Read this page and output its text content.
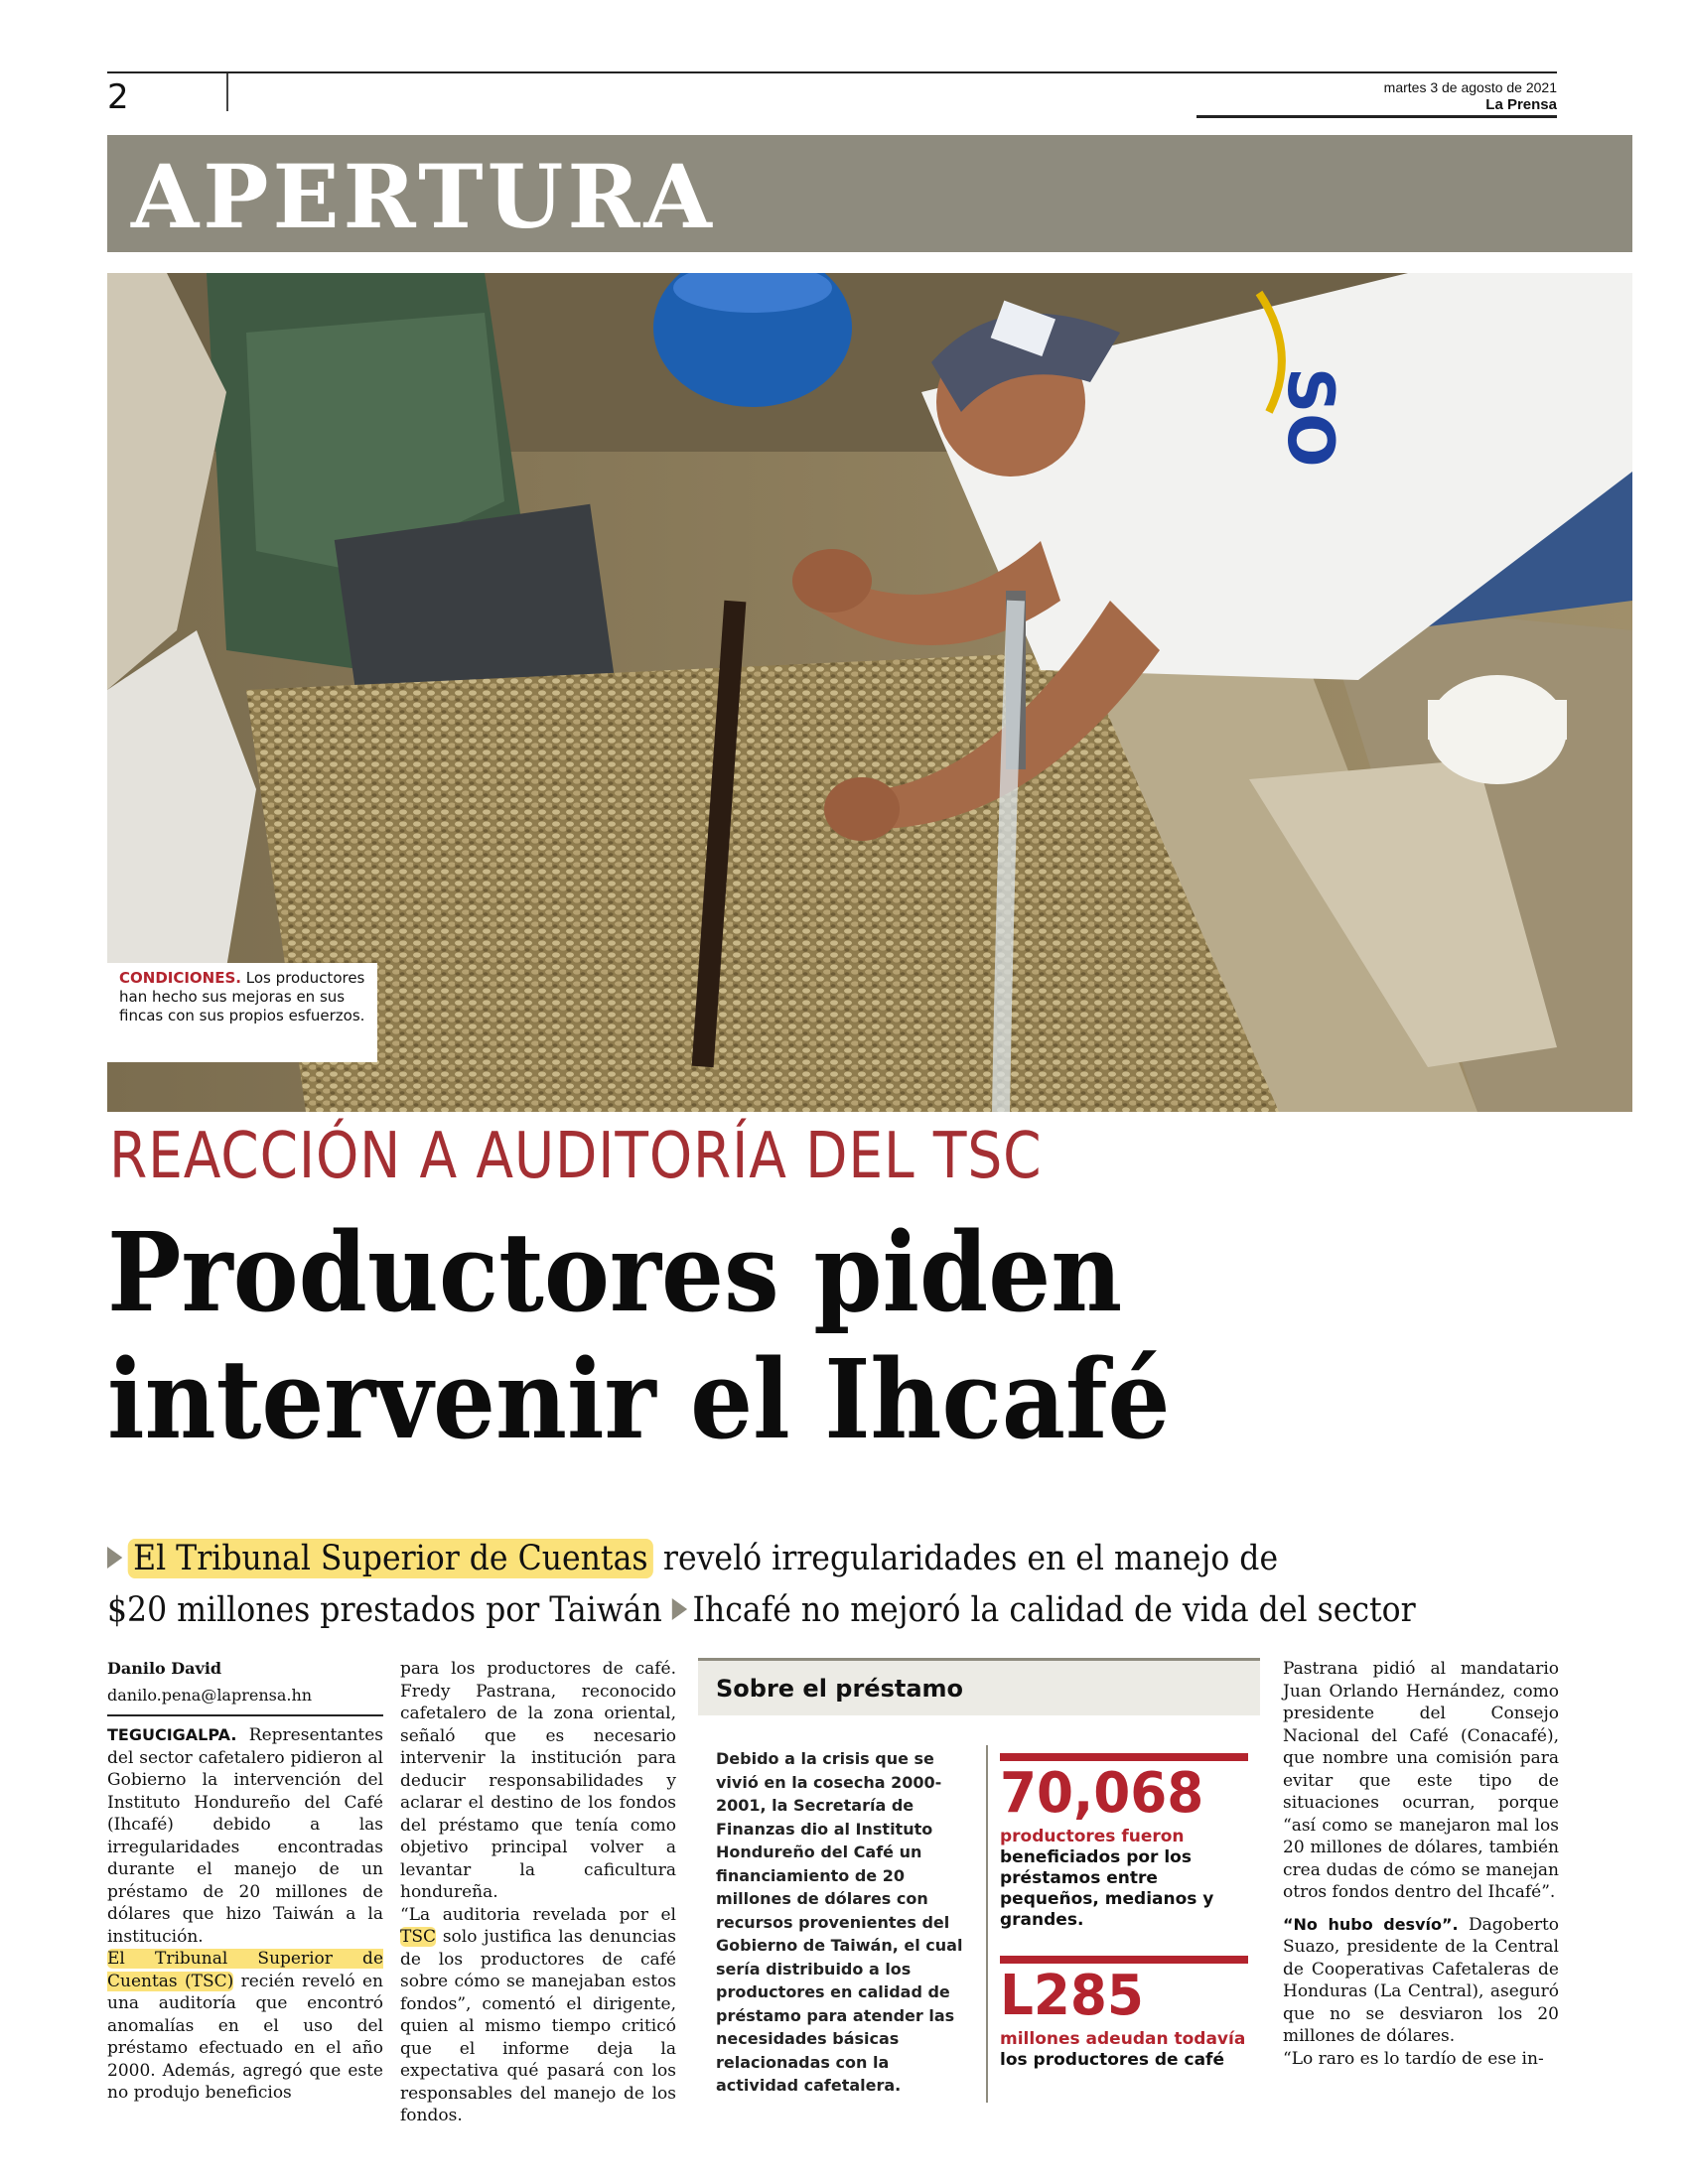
2	martes 3 de agosto de 2021
La Prensa
APERTURA
SO
CONDICIONES. Los productores han hecho sus mejoras en sus fincas con sus propios esfuerzos.
REACCIÓN A AUDITORÍA DEL TSC
Productores piden
intervenir el Ihcafé
El Tribunal Superior de Cuentas reveló irregularidades en el manejo de
$20 millones prestados por Taiwán Ihcafé no mejoró la calidad de vida del sector
Danilo David
danilo.pena@laprensa.hn

TEGUCIGALPA. Representantes del sector cafetalero pidieron al Gobierno la intervención del Instituto Hondureño del Café (Ihcafé) debido a las irregularidades encontradas durante el manejo de un préstamo de 20 millones de dólares que hizo Taiwán a la institución.

El Tribunal Superior de Cuentas (TSC) recién reveló en una auditoría que encontró anomalías en el uso del préstamo efectuado en el año 2000. Además, agregó que este no produjo beneficios

para los productores de café. Fredy Pastrana, reconocido cafetalero de la zona oriental, señaló que es necesario intervenir la institución para deducir responsabilidades y aclarar el destino de los fondos del préstamo que tenía como objetivo principal volver a levantar la caficultura hondureña.

“La auditoria revelada por el TSC solo justifica las denuncias de los productores de café sobre cómo se manejaban estos fondos”, comentó el dirigente, quien al mismo tiempo criticó que el informe deja la expectativa qué pasará con los responsables del manejo de los fondos.

Sobre el préstamo
Debido a la crisis que se vivió en la cosecha 2000-2001, la Secretaría de Finanzas dio al Instituto Hondureño del Café un financiamiento de 20 millones de dólares con recursos provenientes del Gobierno de Taiwán, el cual sería distribuido a los productores en calidad de préstamo para atender las necesidades básicas relacionadas con la actividad cafetalera.
70,068
productores fueron
beneficiados por los préstamos entre pequeños, medianos y grandes.
L285
millones adeudan todavía
los productores de café

Pastrana pidió al mandatario Juan Orlando Hernández, como presidente del Consejo Nacional del Café (Conacafé), que nombre una comisión para evitar que este tipo de situaciones ocurran, porque “así como se manejaron mal los 20 millones de dólares, también crea dudas de cómo se manejan otros fondos dentro del Ihcafé”.

“No hubo desvío”. Dagoberto Suazo, presidente de la Central de Cooperativas Cafetaleras de Honduras (La Central), aseguró que no se desviaron los 20 millones de dólares.

“Lo raro es lo tardío de ese in-
